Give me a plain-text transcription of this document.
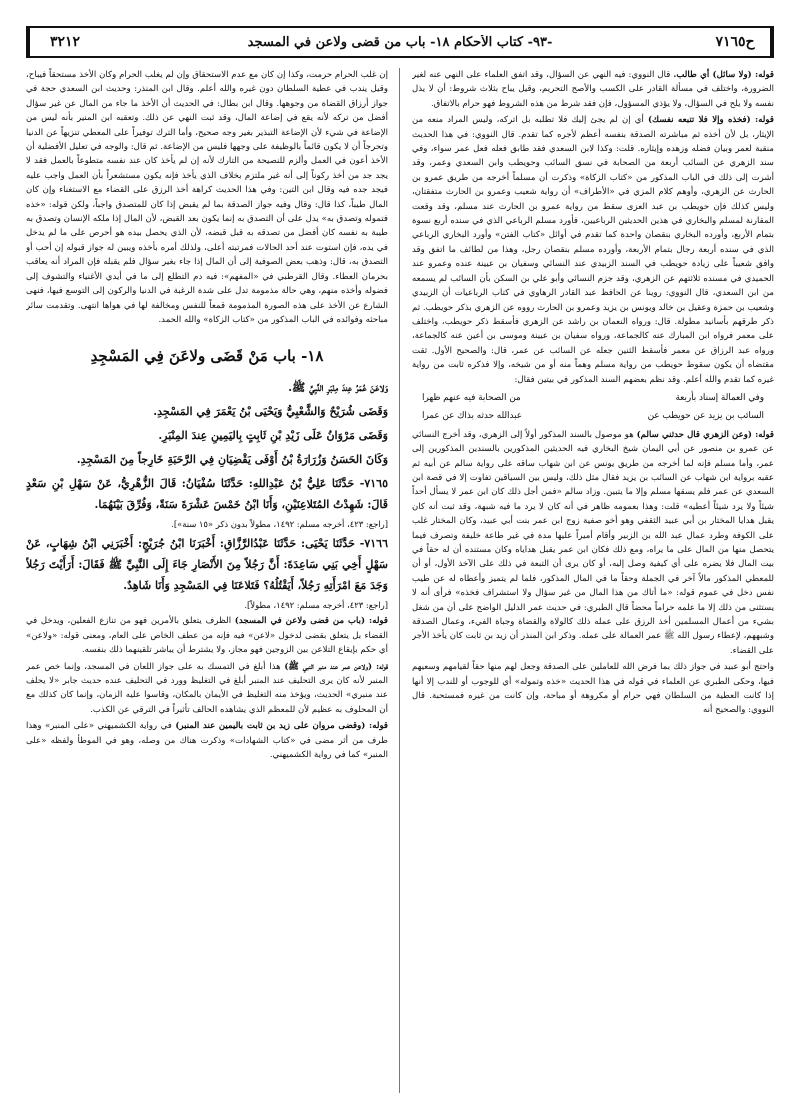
ح٧١٦٥
-٩٣- كتاب الأحكام ١٨- باب من قضى ولاعن في المسجد
٣٢١٢

قوله: (ولا سائل) أي طالب. قال النووي: فيه النهي عن السؤال، وقد اتفق العلماء على النهي عنه لغير الضرورة، واختلف في مسألة القادر على الكسب والأصح التحريم، وقيل يباح بثلاث شروط: أن لا يذل نفسه ولا يلح في السؤال، ولا يؤذي المسؤول، فإن فقد شرط من هذه الشروط فهو حرام بالاتفاق.

قوله: (فخذه وإلا فلا تتبعه نفسك) أي إن لم يجئ إليك فلا تطلبه بل اتركه، وليس المراد منعه من الإيثار، بل لأن أخذه ثم مباشرته الصدقة بنفسه أعظم لأجره كما تقدم. قال النووي: في هذا الحديث منقبة لعمر وبيان فضله وزهده وإيثاره. قلت: وكذا لابن السعدي فقد طابق فعله فعل عمر سواء، وفي سند الزهري عن السائب أربعة من الصحابة في نسق السائب وحويطب وابن السعدي وعمر، وقد أشرت إلى ذلك في الباب المذكور من «كتاب الزكاة» وذكرت أن مسلماً أخرجه من طريق عمرو بن الحارث عن الزهري، وأوهم كلام المزي في «الأطراف» أن رواية شعيب وعمرو بن الحارث متفقتان، وليس كذلك فإن حويطب بن عبد العزى سقط من رواية عمرو بن الحارث عند مسلم، وقد وقعت المقارنة لمسلم والبخاري في هذين الحديثين الرباعيين، فأورد مسلم الرباعي الذي في سنده أربع نسوة بتمام الأربع، وأورده البخاري بنقصان واحدة كما تقدم في أوائل «كتاب الفتن» وأورد البخاري الرباعي الذي في سنده أربعة رجال بتمام الأربعة، وأورده مسلم بنقصان رجل، وهذا من لطائف ما اتفق وقد وافق شعيباً على زيادة حويطب في السند الزبيدي عند النسائي وسفيان بن عيينة عنده وعمرو عند الحميدي في مسنده ثلاثتهم عن الزهري، وقد جزم النسائي وأبو علي بن السكن بأن السائب لم يسمعه من ابن السعدي، قال النووي: روينا عن الحافظ عبد القادر الرهاوي في كتاب الرباعيات أن الزبيدي وشعيب بن حمزة وعقيل بن خالد ويونس بن يزيد وعمرو بن الحارث رووه عن الزهري بذكر حويطب. ثم ذكر طرقهم بأسانيد مطولة. قال: ورواه النعمان بن راشد عن الزهري فأسقط ذكر حويطب، واختلف على معمر فرواه ابن المبارك عنه كالجماعة، ورواه سفيان بن عيينة وموسى بن أعين عنه كالجماعة، ورواه عبد الرزاق عن معمر فأسقط الثنين جعله عن السائب عن عمر، قال: والصحيح الأول. ثقت مقتضاه أن يكون سقوط حويطب من رواية مسلم وهماً منه أو من شيخه، وإلا فذكره ثابت من رواية غيره كما تقدم والله أعلم. وقد نظم بعضهم السند المذكور في بيتين فقال:

وفي العمالة إسناد بأربعة
من الصحابة فيه عنهم ظهرا
السائب بن يزيد عن حويطب عن
عبدالله حدثه بذاك عن عمرا

قوله: (وعن الزهري قال حدثني سالم) هو موصول بالسند المذكور أولاً إلى الزهري، وقد أخرج النسائي عن عمرو بن منصور عن أبي اليمان شيخ البخاري فيه الحديثين المذكورين بالسندين المذكورين إلى عمر، وأما مسلم فإنه لما أخرجه من طريق يونس عن ابن شهاب ساقه على رواية سالم عن أبيه ثم عقبه برواية ابن شهاب عن السائب بن يزيد فقال مثل ذلك، وليس بين السياقين تفاوت إلا في قصة ابن السعدي عن عمر فلم يسقها مسلم وإلا ما يتبين. وزاد سالم «فمن أجل ذلك كان ابن عمر لا يسأل أحداً شيئاً ولا يرد شيئاً أعطيه» قلت: وهذا بعمومه ظاهر في أنه كان لا يرد ما فيه شبهة، وقد ثبت أنه كان يقبل هدايا المختار بن أبي عبيد الثقفي وهو أخو صفية زوج ابن عمر بنت أبي عبيد، وكان المختار غلب على الكوفة وطرد عمال عبد الله بن الزبير وأقام أميراً عليها مدة في غير طاعة خليفة وتصرف فيما يتحصل منها من المال على ما يراه، ومع ذلك فكان ابن عمر يقبل هداياه وكان مستنده أن له حقاً في بيت المال فلا يضره على أي كيفية وصل إليه، أو كان يرى أن التبعة في ذلك على الآخذ الأول، أو أن للمعطي المذكور مالاً آخر في الجملة وحقاً ما في المال المذكور، فلما لم يتميز وأعطاه له عن طيب نفس دخل في عموم قوله: «ما أتاك من هذا المال من غير سؤال ولا استشراف فخذه» فرأى أنه لا يستثنى من ذلك إلا ما علمه حراماً محضاً قال الطبري: في حديث عمر الدليل الواضح على أن من شغل بشيء من أعمال المسلمين أخذ الرزق على عمله ذلك كالولاة والقضاة وجباة الفيء، وعمال الصدقة وشبههم، لإعطاء رسول الله ﷺ عمر العمالة على عمله. وذكر ابن المنذر أن زيد بن ثابت كان يأخذ الأجر على القضاء.

واحتج أبو عبيد في جواز ذلك بما فرض الله للعاملين على الصدقة وجعل لهم منها حقاً لقيامهم وسعيهم فيها، وحكى الطبري عن العلماء في قوله في هذا الحديث «خذه وتموله» أي للوجوب أو للندب إلا أنها إذا كانت العطية من السلطان فهي حرام أو مكروهة أو مباحة، وإن كانت من غيره فمستحبة. قال النووي: والصحيح أنه

إن غلب الحرام حرمت، وكذا إن كان مع عدم الاستحقاق وإن لم يغلب الحرام وكان الأخذ مستحقاً فيباح، وقيل يندب في عطية السلطان دون غيره والله أعلم. وقال ابن المنذر: وحديث ابن السعدي حجة في جواز أرزاق القضاة من وجوهها. وقال ابن بطال: في الحديث أن الأخذ ما جاء من المال عن غير سؤال أفضل من تركه لأنه يقع في إضاعة المال، وقد ثبت النهي عن ذلك. وتعقبه ابن المنير بأنه ليس من الإضاعة في شيء لأن الإضاعة التبذير بغير وجه صحيح، وأما الترك توفيراً على المعطي تنزيهاً عن الدنيا وتحرجاً أن لا يكون قائماً بالوظيفة على وجهها فليس من الإضاعة. ثم قال: والوجه في تعليل الأفضلية أن الأخذ أعون في العمل وألزم للنصيحة من التارك لأنه إن لم يأخذ كان عند نفسه متطوعاً بالعمل فقد لا يجد جد من أخذ ركوناً إلى أنه غير ملتزم بخلاف الذي يأخذ فإنه يكون مستشعراً بأن العمل واجب عليه فيجد جده فيه وقال ابن التين: وفي هذا الحديث كراهة أخذ الرزق على القضاء مع الاستغناء وإن كان المال طيباً، كذا قال: وقال وفيه جواز الصدقة بما لم يقبض إذا كان للمتصدق واجباً، ولكن قوله: «خذه فتموله وتصدق به» يدل على أن التصدق به إنما يكون بعد القبض، لأن المال إذا ملكه الإنسان وتصدق به طيبة به نفسه كان أفضل من تصدقه به قبل قبضه، لأن الذي يحصل بيده هو أحرص على ما لم يدخل في يده، فإن استوت عند أحد الحالات فمرتبته أعلى، ولذلك أمره بأخذه ويبين له جواز قبوله إن أحب أو التصدق به، قال: وذهب بعض الصوفية إلى أن المال إذا جاء بغير سؤال فلم يقبله فإن المراد أنه يعاقب بحرمان العطاء. وقال القرطبي في «المفهم»: فيه دم التطلع إلى ما في أيدي الأغنياء والتشوف إلى فضوله وأخذه منهم، وهي حالة مذمومة تدل على شدة الرغبة في الدنيا والركون إلى التوسع فيها، فنهى الشارع عن الأخذ على هذه الصورة المذمومة قمعاً للنفس ومخالفة لها في هواها انتهى. وتقدمت سائر مباحثه وفوائده في الباب المذكور من «كتاب الزكاة» والله الحمد.

١٨- باب مَنْ قَضَى ولاعَنَ فِي المَسْجِدِ

وَلاعَنَ عُمَرُ عِندَ مِنْبَرِ النَّبِيِّ ﷺ.

وَقَضَى شُرَيْحٌ وَالشَّعْبِيُّ وَيَحْيَى بْنُ يَعْمَرَ فِي المَسْجِدِ.

وَقَضَى مَرْوَانُ عَلَى زَيْدِ بْنِ ثَابِتٍ بِاليَمِينِ عِندَ المِنْبَرِ.

وَكَانَ الحَسَنُ وَزُرَارَةُ بْنُ أَوْفَى يَقْضِيَانِ فِي الرَّحَبَةِ خَارِجاً مِنَ المَسْجِدِ.

٧١٦٥- حَدَّثَنَا عَلِيُّ بْنُ عَبْدِاللهِ: حَدَّثَنَا سُفْيَانُ: قَالَ الزُّهْرِيُّ، عَنْ سَهْلِ بْنِ سَعْدٍ قَالَ: شَهِدْتُ المُتَلاعِنَيْنِ، وَأَنَا ابْنُ خَمْسَ عَشْرَةَ سَنَةً، وَفُرِّقَ بَيْنَهُمَا.

[راجع: ٤٢٣، أخرجه مسلم: ١٤٩٢، مطولاً بدون ذكر «١٥ سنة»].

٧١٦٦- حَدَّثَنَا يَحْيَى: حَدَّثَنَا عَبْدُالرَّزَّاقِ: أَخْبَرَنَا ابْنُ جُرَيْجٍ: أَخْبَرَنِي ابْنُ شِهَابٍ، عَنْ سَهْلٍ أَخِي بَنِي سَاعِدَةَ: أَنَّ رَجُلاً مِنَ الأَنْصَارِ جَاءَ إِلَى النَّبِيِّ ﷺ فَقَالَ: أَرَأَيْتَ رَجُلاً وَجَدَ مَعَ امْرَأَتِهِ رَجُلاً، أَيَقْتُلُهُ؟ فَتَلاعَنَا فِي المَسْجِدِ وَأَنَا شَاهِدٌ.

[راجع: ٤٢٣، أخرجه مسلم: ١٤٩٢، مطولاً].

قوله: (باب من قضى ولاعن في المسجد) الظرف يتعلق بالأمرين فهو من تنازع الفعلين، ويدخل في القضاء بل يتعلق بقضى لدخول «لاعن» فيه فإنه من عطف الخاص على العام، ومعنى قوله: «ولاعن» أي حكم بإيقاع التلاعن بين الزوجين فهو مجاز، ولا يشترط أن يباشر تلقينهما ذلك بنفسه.

قوله: (ولاعن عمر عند منبر النبي ﷺ) هذا أبلغ في التمسك به على جواز اللعان في المسجد، وإنما خص عمر المنبر لأنه كان يرى التحليف عند المنبر أبلغ في التغليظ وورد في التحليف عنده حديث جابر «لا يحلف عند منبري» الحديث، ويؤخذ منه التغليظ في الأيمان بالمكان، وقاسوا عليه الزمان، وإنما كان كذلك مع أن المحلوف به عظيم لأن للمعظم الذي يشاهده الحالف تأثيراً في الترقي عن الكذب.

قوله: (وقضى مروان على زيد بن ثابت باليمين عند المنبر) في رواية الكشميهني «على المنبر» وهذا طرف من أثر مضى في «كتاب الشهادات» وذكرت هناك من وصله، وهو في الموطأ ولفظه «على المنبر» كما في رواية الكشميهني.
